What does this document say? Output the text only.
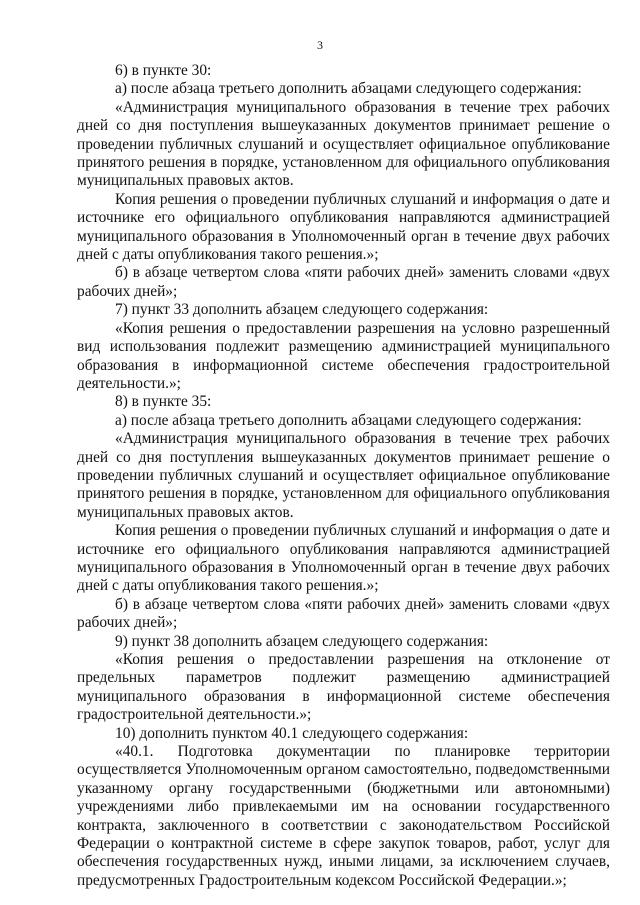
3

6) в пункте 30:

а) после абзаца третьего дополнить абзацами следующего содержания:

«Администрация муниципального образования в течение трех рабочих дней со дня поступления вышеуказанных документов принимает решение о проведении публичных слушаний и осуществляет официальное опубликование принятого решения в порядке, установленном для официального опубликования муниципальных правовых актов.

Копия решения о проведении публичных слушаний и информация о дате и источнике его официального опубликования направляются администрацией муниципального образования в Уполномоченный орган в течение двух рабочих дней с даты опубликования такого решения.»;

б) в абзаце четвертом слова «пяти рабочих дней» заменить словами «двух рабочих дней»;

7) пункт 33 дополнить абзацем следующего содержания:

«Копия решения о предоставлении разрешения на условно разрешенный вид использования подлежит размещению администрацией муниципального образования в информационной системе обеспечения градостроительной деятельности.»;

8) в пункте 35:

а) после абзаца третьего дополнить абзацами следующего содержания:

«Администрация муниципального образования в течение трех рабочих дней со дня поступления вышеуказанных документов принимает решение о проведении публичных слушаний и осуществляет официальное опубликование принятого решения в порядке, установленном для официального опубликования муниципальных правовых актов.

Копия решения о проведении публичных слушаний и информация о дате и источнике его официального опубликования направляются администрацией муниципального образования в Уполномоченный орган в течение двух рабочих дней с даты опубликования такого решения.»;

б) в абзаце четвертом слова «пяти рабочих дней» заменить словами «двух рабочих дней»;

9) пункт 38 дополнить абзацем следующего содержания:

«Копия решения о предоставлении разрешения на отклонение от предельных параметров подлежит размещению администрацией муниципального образования в информационной системе обеспечения градостроительной деятельности.»;

10) дополнить пунктом 40.1 следующего содержания:

«40.1. Подготовка документации по планировке территории осуществляется Уполномоченным органом самостоятельно, подведомственными указанному органу государственными (бюджетными или автономными) учреждениями либо привлекаемыми им на основании государственного контракта, заключенного в соответствии с законодательством Российской Федерации о контрактной системе в сфере закупок товаров, работ, услуг для обеспечения государственных нужд, иными лицами, за исключением случаев, предусмотренных Градостроительным кодексом Российской Федерации.»;
